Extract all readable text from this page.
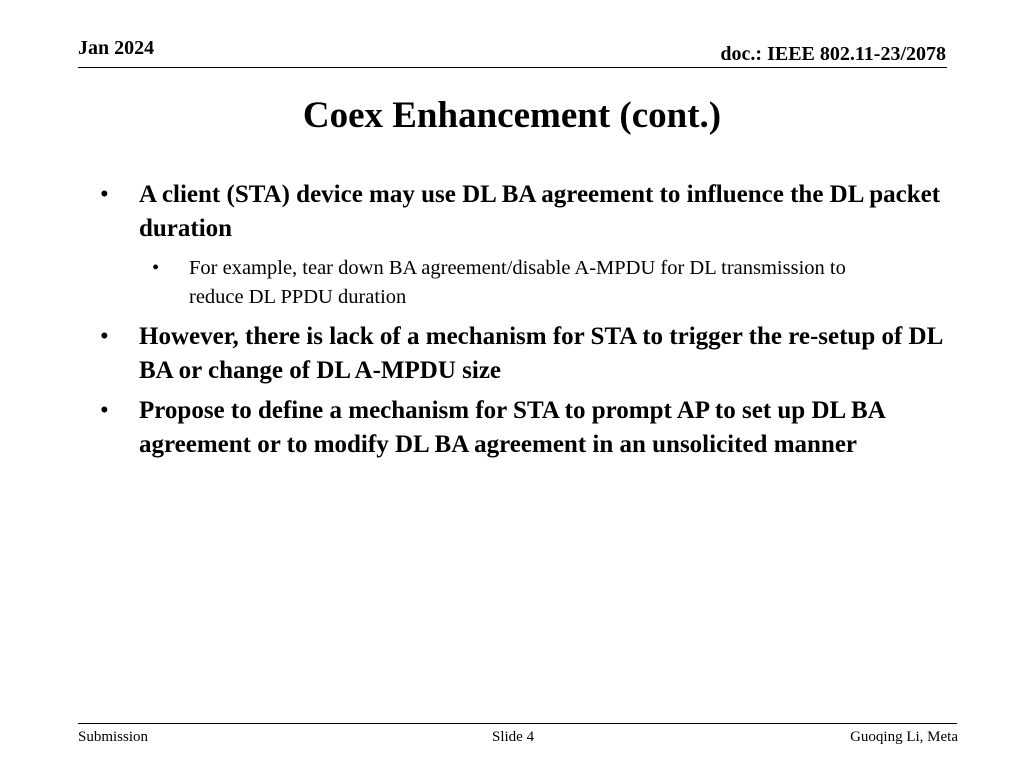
Jan 2024	doc.: IEEE 802.11-23/2078
Coex Enhancement (cont.)
• A client (STA) device may use DL BA agreement to influence the DL packet duration
• For example, tear down BA agreement/disable A-MPDU for DL transmission to reduce DL PPDU duration
• However, there is lack of a mechanism for STA to trigger the re-setup of DL BA or change of DL A-MPDU size
• Propose to define a mechanism for STA to prompt AP to set up DL BA agreement or to modify DL BA agreement in an unsolicited manner
Submission	Slide 4	Guoqing Li, Meta
